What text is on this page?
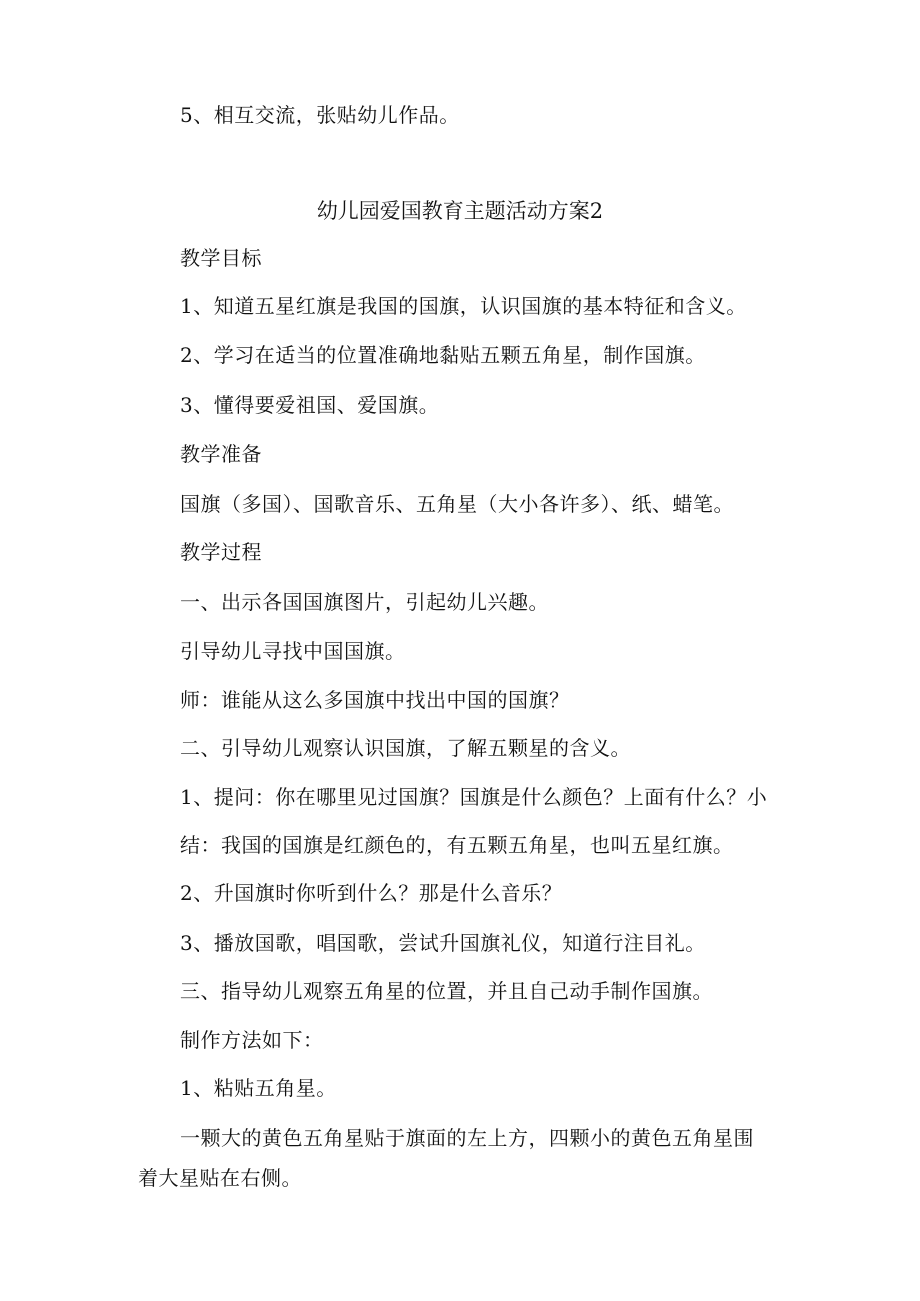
5、相互交流，张贴幼儿作品。
幼儿园爱国教育主题活动方案2
教学目标
1、知道五星红旗是我国的国旗，认识国旗的基本特征和含义。
2、学习在适当的位置准确地黏贴五颗五角星，制作国旗。
3、懂得要爱祖国、爱国旗。
教学准备
国旗（多国）、国歌音乐、五角星（大小各许多）、纸、蜡笔。
教学过程
一、出示各国国旗图片，引起幼儿兴趣。
引导幼儿寻找中国国旗。
师：谁能从这么多国旗中找出中国的国旗？
二、引导幼儿观察认识国旗，了解五颗星的含义。
1、提问：你在哪里见过国旗？国旗是什么颜色？上面有什么？小
结：我国的国旗是红颜色的，有五颗五角星，也叫五星红旗。
2、升国旗时你听到什么？那是什么音乐？
3、播放国歌，唱国歌，尝试升国旗礼仪，知道行注目礼。
三、指导幼儿观察五角星的位置，并且自己动手制作国旗。
制作方法如下：
1、粘贴五角星。
一颗大的黄色五角星贴于旗面的左上方，四颗小的黄色五角星围着大星贴在右侧。
